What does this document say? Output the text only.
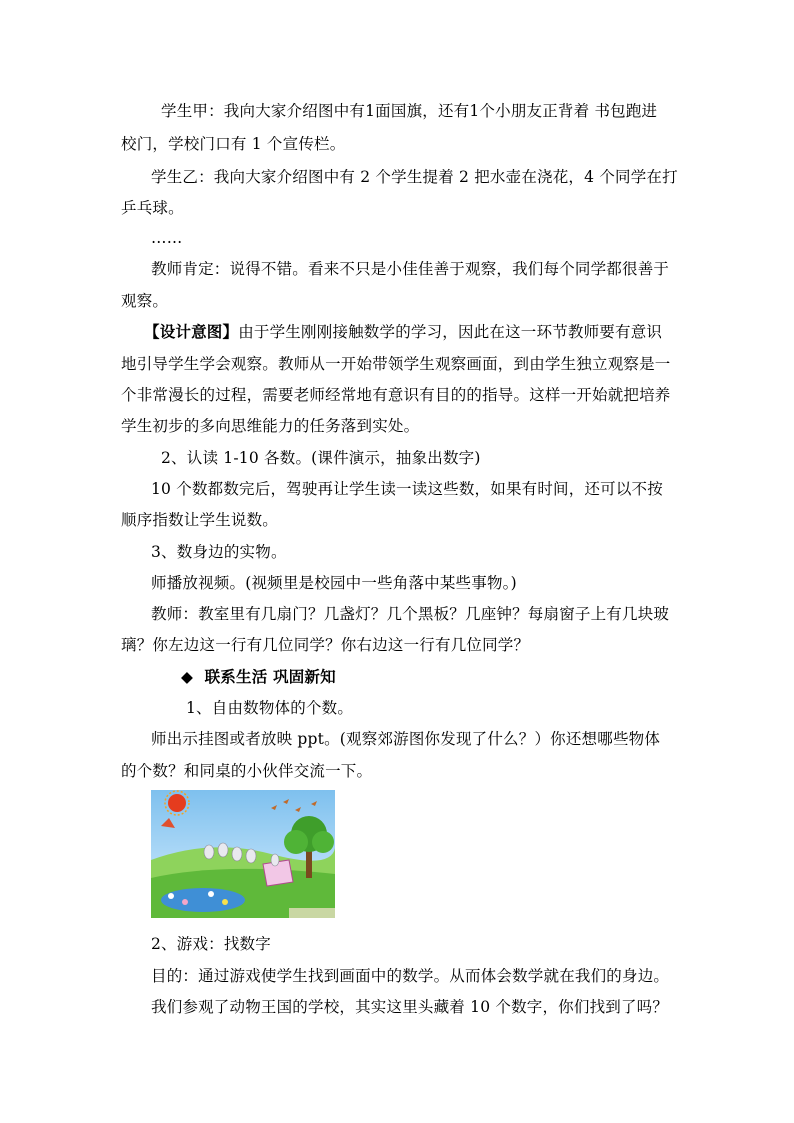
学生甲：我向大家介绍图中有1面国旗，还有1个小朋友正背着 书包跑进
校门，学校门口有 1 个宣传栏。
学生乙：我向大家介绍图中有 2 个学生提着 2 把水壶在浇花，4 个同学在打
乒乓球。
……
教师肯定：说得不错。看来不只是小佳佳善于观察，我们每个同学都很善于
观察。
【设计意图】由于学生刚刚接触数学的学习，因此在这一环节教师要有意识
地引导学生学会观察。教师从一开始带领学生观察画面，到由学生独立观察是一
个非常漫长的过程，需要老师经常地有意识有目的的指导。这样一开始就把培养
学生初步的多向思维能力的任务落到实处。
2、认读 1-10 各数。(课件演示，抽象出数字)
10 个数都数完后，驾驶再让学生读一读这些数，如果有时间，还可以不按
顺序指数让学生说数。
3、数身边的实物。
师播放视频。(视频里是校园中一些角落中某些事物。)
教师：教室里有几扇门？几盏灯？几个黑板？几座钟？每扇窗子上有几块玻
璃？你左边这一行有几位同学？你右边这一行有几位同学？
◆ 联系生活 巩固新知
1、自由数物体的个数。
师出示挂图或者放映 ppt。(观察郊游图你发现了什么？）你还想哪些物体
的个数？和同桌的小伙伴交流一下。
2、游戏：找数字
目的：通过游戏使学生找到画面中的数学。从而体会数学就在我们的身边。
我们参观了动物王国的学校，其实这里头藏着 10 个数字，你们找到了吗？
